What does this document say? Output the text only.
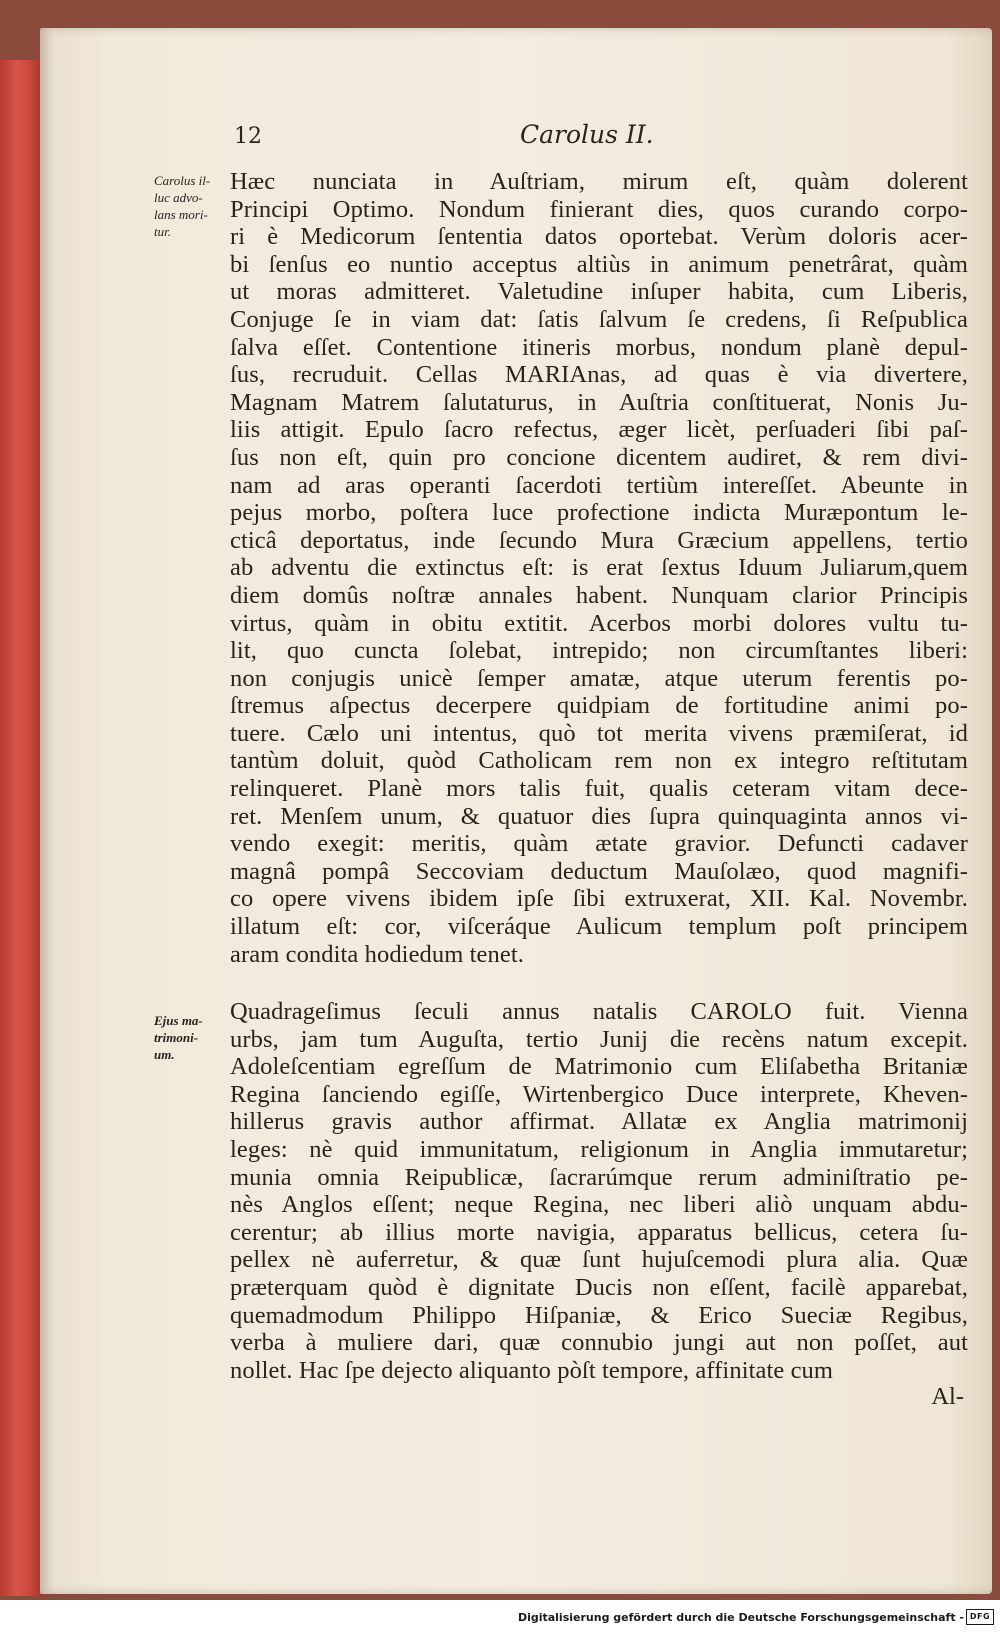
12	Carolus II.
Carolus il-
luc advo-
lans mori-
tur.
Hæc nunciata in Auſtriam, mirum eſt, quàm dolerent
Principi Optimo. Nondum finierant dies, quos curando corpo-
ri è Medicorum ſententia datos oportebat. Verùm doloris acer-
bi ſenſus eo nuntio acceptus altiùs in animum penetrârat, quàm
ut moras admitteret. Valetudine inſuper habita, cum Liberis,
Conjuge ſe in viam dat: ſatis ſalvum ſe credens, ſi Reſpublica
ſalva eſſet. Contentione itineris morbus, nondum planè depul-
ſus, recruduit. Cellas MARIAnas, ad quas è via divertere,
Magnam Matrem ſalutaturus, in Auſtria conſtituerat, Nonis Ju-
liis attigit. Epulo ſacro refectus, æger licèt, perſuaderi ſibi paſ-
ſus non eſt, quin pro concione dicentem audiret, & rem divi-
nam ad aras operanti ſacerdoti tertiùm intereſſet. Abeunte in
pejus morbo, poſtera luce profectione indicta Muræpontum le-
cticâ deportatus, inde ſecundo Mura Græcium appellens, tertio
ab adventu die extinctus eſt: is erat ſextus Iduum Juliarum,quem
diem domûs noſtræ annales habent. Nunquam clarior Principis
virtus, quàm in obitu extitit. Acerbos morbi dolores vultu tu-
lit, quo cuncta ſolebat, intrepido; non circumſtantes liberi:
non conjugis unicè ſemper amatæ, atque uterum ferentis po-
ſtremus aſpectus decerpere quidpiam de fortitudine animi po-
tuere. Cælo uni intentus, quò tot merita vivens præmiſerat, id
tantùm doluit, quòd Catholicam rem non ex integro reſtitutam
relinqueret. Planè mors talis fuit, qualis ceteram vitam dece-
ret. Menſem unum, & quatuor dies ſupra quinquaginta annos vi-
vendo exegit: meritis, quàm ætate gravior. Defuncti cadaver
magnâ pompâ Seccoviam deductum Mauſolæo, quod magnifi-
co opere vivens ibidem ipſe ſibi extruxerat, XII. Kal. Novembr.
illatum eſt: cor, viſceráque Aulicum templum poſt principem
aram condita hodiedum tenet.
Ejus ma-
trimoni-
um.
Quadrageſimus ſeculi annus natalis CAROLO fuit. Vienna
urbs, jam tum Auguſta, tertio Junij die recèns natum excepit.
Adoleſcentiam egreſſum de Matrimonio cum Eliſabetha Britaniæ
Regina ſanciendo egiſſe, Wirtenbergico Duce interprete, Kheven-
hillerus gravis author affirmat. Allatæ ex Anglia matrimonij
leges: nè quid immunitatum, religionum in Anglia immutaretur;
munia omnia Reipublicæ, ſacrarúmque rerum adminiſtratio pe-
nès Anglos eſſent; neque Regina, nec liberi aliò unquam abdu-
cerentur; ab illius morte navigia, apparatus bellicus, cetera ſu-
pellex nè auferretur, & quæ ſunt hujuſcemodi plura alia. Quæ
præterquam quòd è dignitate Ducis non eſſent, facilè apparebat,
quemadmodum Philippo Hiſpaniæ, & Erico Sueciæ Regibus,
verba à muliere dari, quæ connubio jungi aut non poſſet, aut
nollet. Hac ſpe dejecto aliquanto pòſt tempore, affinitate cum
Al-
Digitalisierung gefördert durch die Deutsche Forschungsgemeinschaft - DFG
